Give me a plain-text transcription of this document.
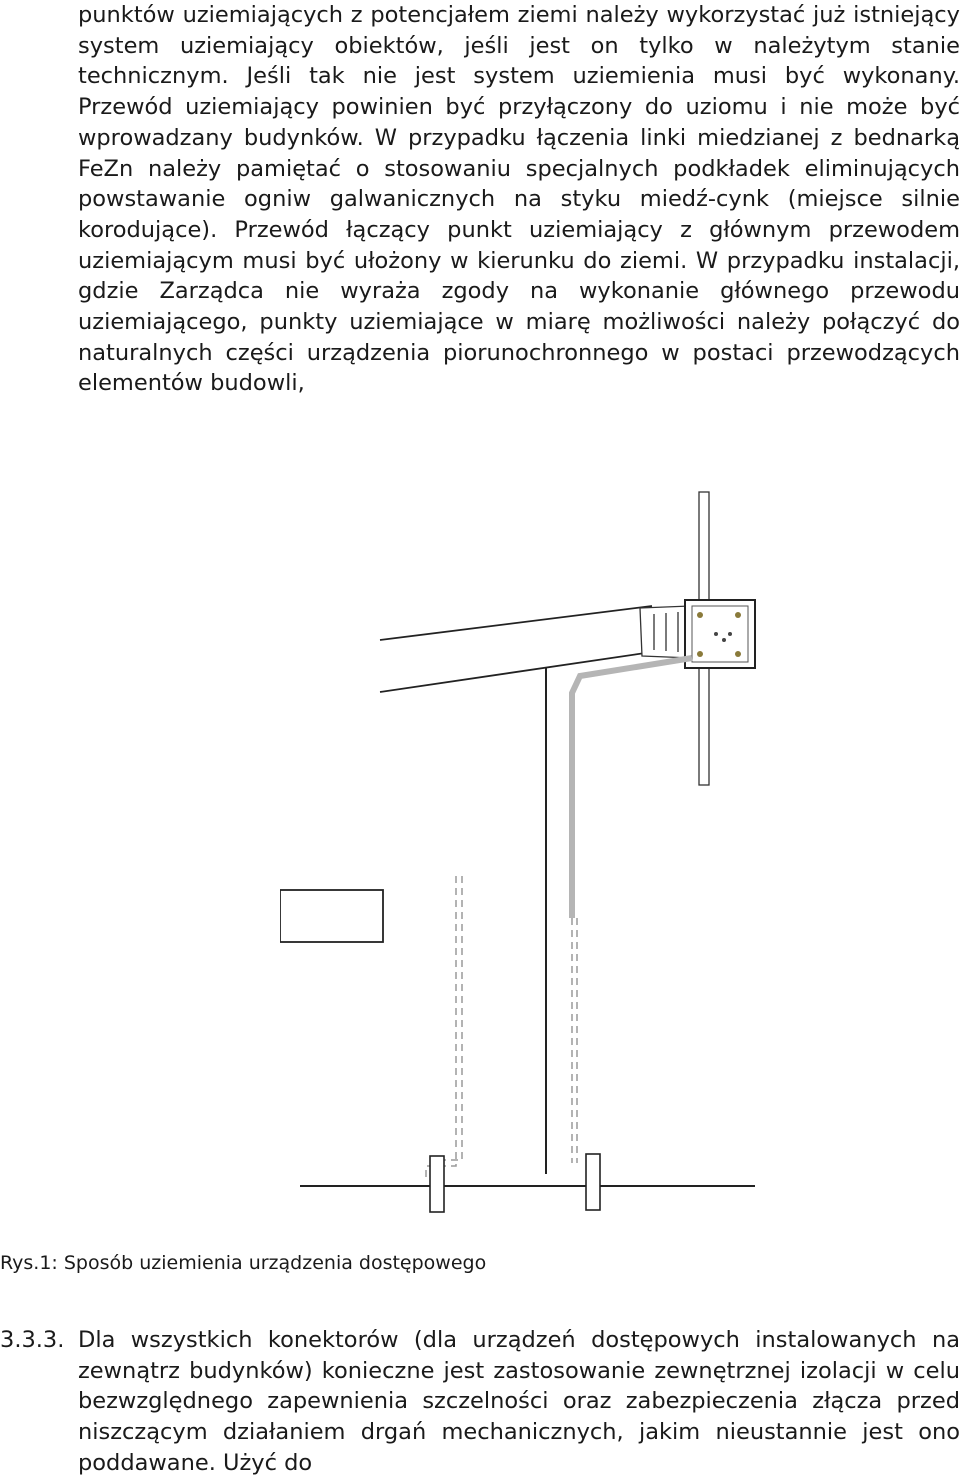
punktów uziemiających z potencjałem ziemi należy wykorzystać już istniejący system uziemiający obiektów, jeśli jest on tylko w należytym stanie technicznym. Jeśli tak nie jest system uziemienia musi być wykonany. Przewód uziemiający powinien być przyłączony do uziomu i nie może być wprowadzany budynków. W przypadku łączenia linki miedzianej z bednarką FeZn należy pamiętać o stosowaniu specjalnych podkładek eliminujących powstawanie ogniw galwanicznych na styku miedź-cynk (miejsce silnie korodujące). Przewód łączący punkt uziemiający z głównym przewodem uziemiającym musi być ułożony w kierunku do ziemi. W przypadku instalacji, gdzie Zarządca nie wyraża zgody na wykonanie głównego przewodu uziemiającego, punkty uziemiające w miarę możliwości należy połączyć do naturalnych części urządzenia piorunochronnego w postaci przewodzących elementów budowli,

Rys.1: Sposób uziemienia urządzenia dostępowego

3.3.3. Dla wszystkich konektorów (dla urządzeń dostępowych instalowanych na zewnątrz budynków) konieczne jest zastosowanie zewnętrznej izolacji w celu bezwzględnego zapewnienia szczelności oraz zabezpieczenia złącza przed niszczącym działaniem drgań mechanicznych, jakim nieustannie jest ono poddawane. Użyć do
